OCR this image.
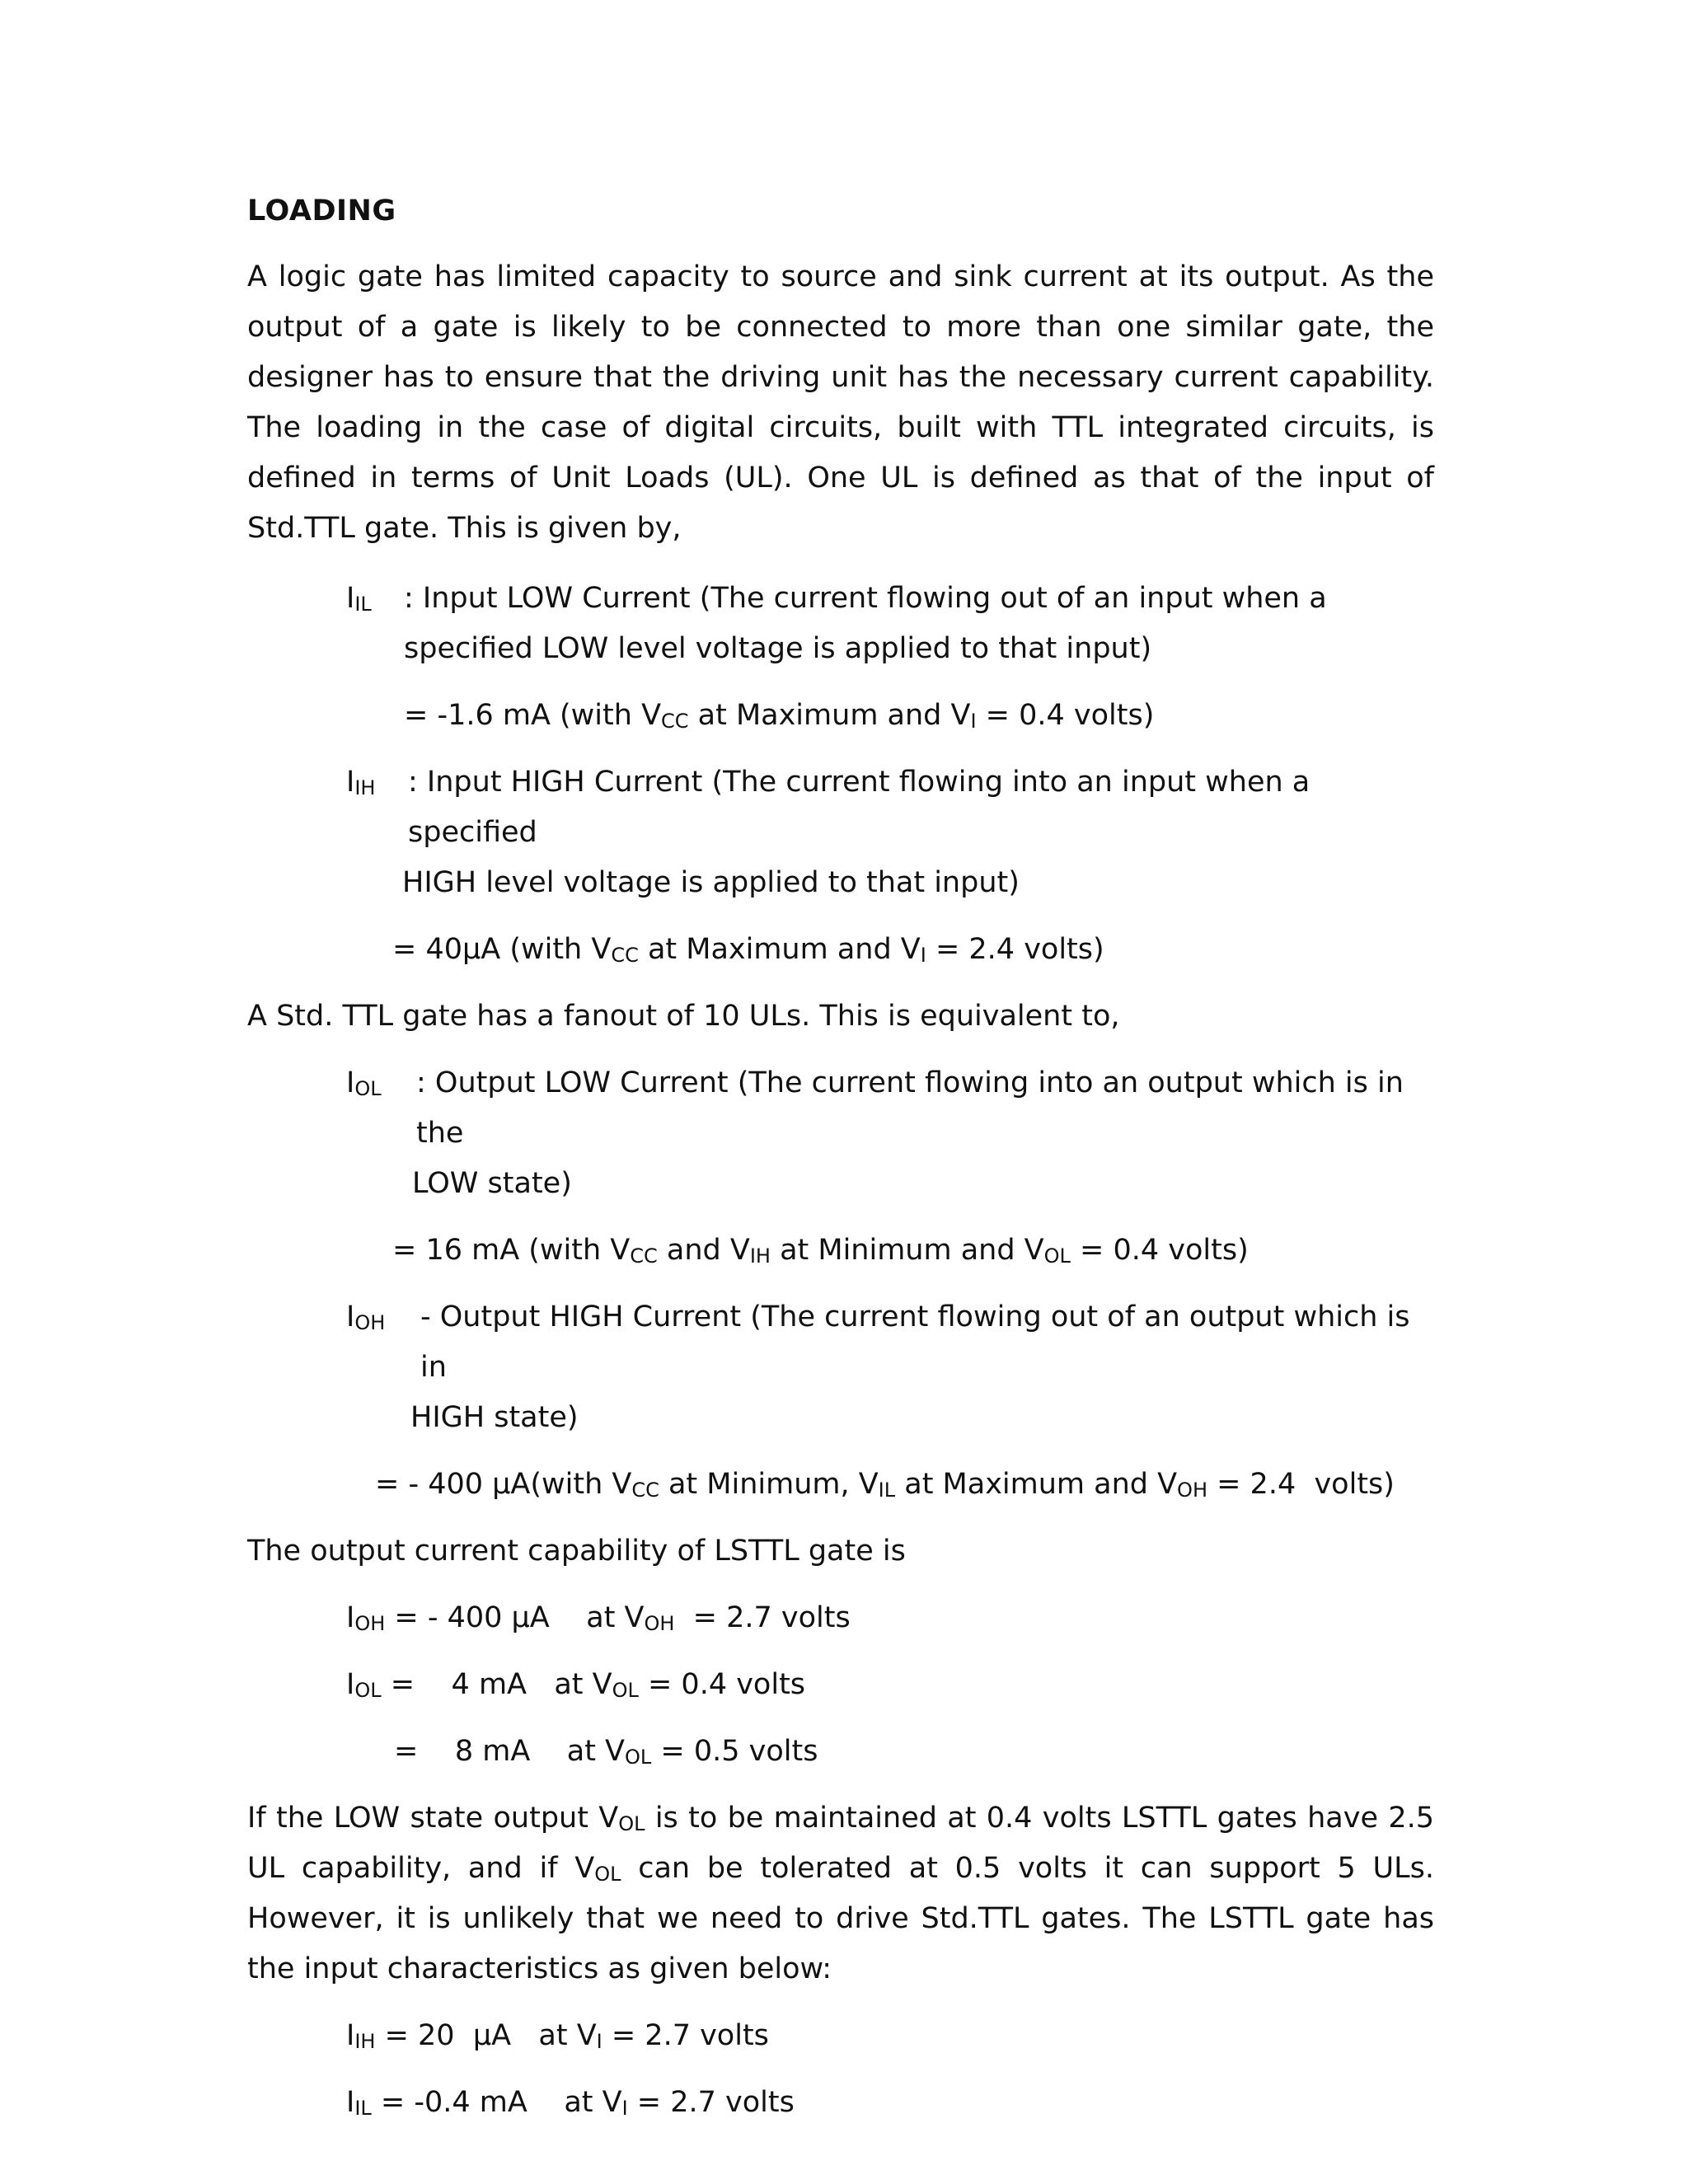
LOADING

A logic gate has limited capacity to source and sink current at its output. As the output of a gate is likely to be connected to more than one similar gate, the designer has to ensure that the driving unit has the necessary current capability. The loading in the case of digital circuits, built with TTL integrated circuits, is defined in terms of Unit Loads (UL). One UL is defined as that of the input of Std.TTL gate. This is given by,

$I_{IL}$ : Input LOW Current (The current flowing out of an input when a
specified LOW level voltage is applied to that input)

= -1.6 mA (with $V_{CC}$ at Maximum and $V_I = 0.4$ volts)

$I_{IH}$ : Input HIGH Current (The current flowing into an input when a specified
HIGH level voltage is applied to that input)

= 40μA (with $V_{CC}$ at Maximum and $V_I = 2.4$ volts)

A Std. TTL gate has a fanout of 10 ULs. This is equivalent to,

$I_{OL}$ : Output LOW Current (The current flowing into an output which is in the
LOW state)

= 16 mA (with $V_{CC}$ and $V_{IH}$ at Minimum and $V_{OL} = 0.4$ volts)

$I_{OH}$ - Output HIGH Current (The current flowing out of an output which is in
HIGH state)

= - 400 μA(with $V_{CC}$ at Minimum, $V_{IL}$ at Maximum and $V_{OH} = 2.4$  volts)

The output current capability of LSTTL gate is

$I_{OH}$ = - 400 μA    at $V_{OH} = 2.7$ volts

$I_{OL}$ =    4 mA   at $V_{OL} = 0.4$ volts

=    8 mA    at $V_{OL} = 0.5$ volts

If the LOW state output $V_{OL}$ is to be maintained at 0.4 volts LSTTL gates have 2.5 UL capability, and if $V_{OL}$ can be tolerated at 0.5 volts it can support 5 ULs. However, it is unlikely that we need to drive Std.TTL gates. The LSTTL gate has the input characteristics as given below:

$I_{IH} = 20$  μA   at $V_I = 2.7$ volts

$I_{IL} = -0.4$ mA    at $V_I = 2.7$ volts
